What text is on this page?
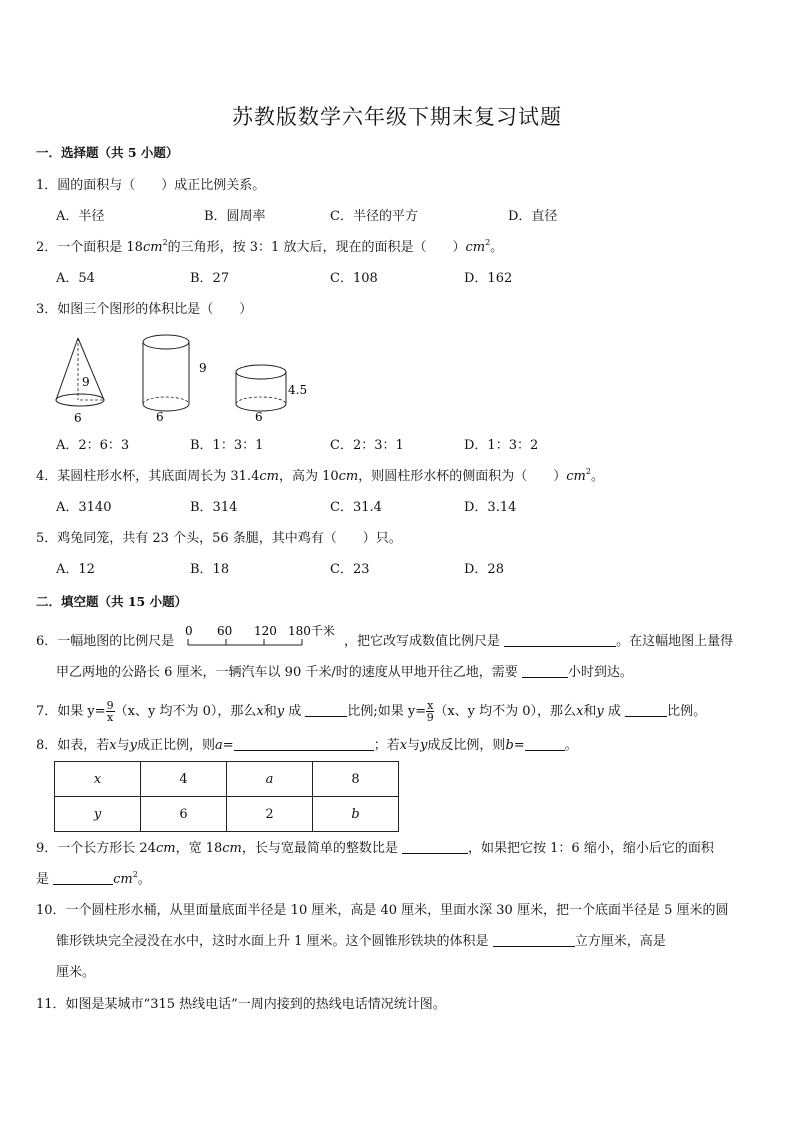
苏教版数学六年级下期末复习试题
一．选择题（共 5 小题）
1．圆的面积与（　　）成正比例关系。
A．半径	B．圆周率	C．半径的平方	D．直径
2．一个面积是 $18cm^2$的三角形，按 3：1 放大后，现在的面积是（　　）$cm^2$。
A．54	B．27	C．108	D．162
3．如图三个图形的体积比是（　　）
9
6
9
6
4.5
6
A．2：6：3	B．1：3：1	C．2：3：1	D．1：3：2
4．某圆柱形水杯，其底面周长为 31.4cm，高为 10cm，则圆柱形水杯的侧面积为（　　）$cm^2$。
A．3140	B．314	C．31.4	D．3.14
5．鸡兔同笼，共有 23 个头，56 条腿，其中鸡有（　　）只。
A．12	B．18	C．23	D．28
二．填空题（共 15 小题）
6．一幅地图的比例尺是
0 60 120 180千米
，把它改写成数值比例尺是	。在这幅地图上量得
甲乙两地的公路长 6 厘米，一辆汽车以 90 千米/时的速度从甲地开往乙地，需要	小时到达。
7．如果 $y= \frac{9}{x} (x$、y 均不为 0），那么x和y 成	比例;如果 $y= \frac{x}{9} (x$、y 均不为 0），那么x和y 成	比例。
8．如表，若x与y成正比例，则a=	；若x与y成反比例，则b=	。
x	4	a	8
y	6	2	b
9．一个长方形长 24cm，宽 18cm，长与宽最简单的整数比是	，如果把它按 1：6 缩小，缩小后它的面积
是	$cm^2$。
10．一个圆柱形水桶，从里面量底面半径是 10 厘米，高是 40 厘米，里面水深 30 厘米，把一个底面半径是 5 厘米的圆
锥形铁块完全浸没在水中，这时水面上升 1 厘米。这个圆锥形铁块的体积是	立方厘米，高是
厘米。
11．如图是某城市“315 热线电话”一周内接到的热线电话情况统计图。
